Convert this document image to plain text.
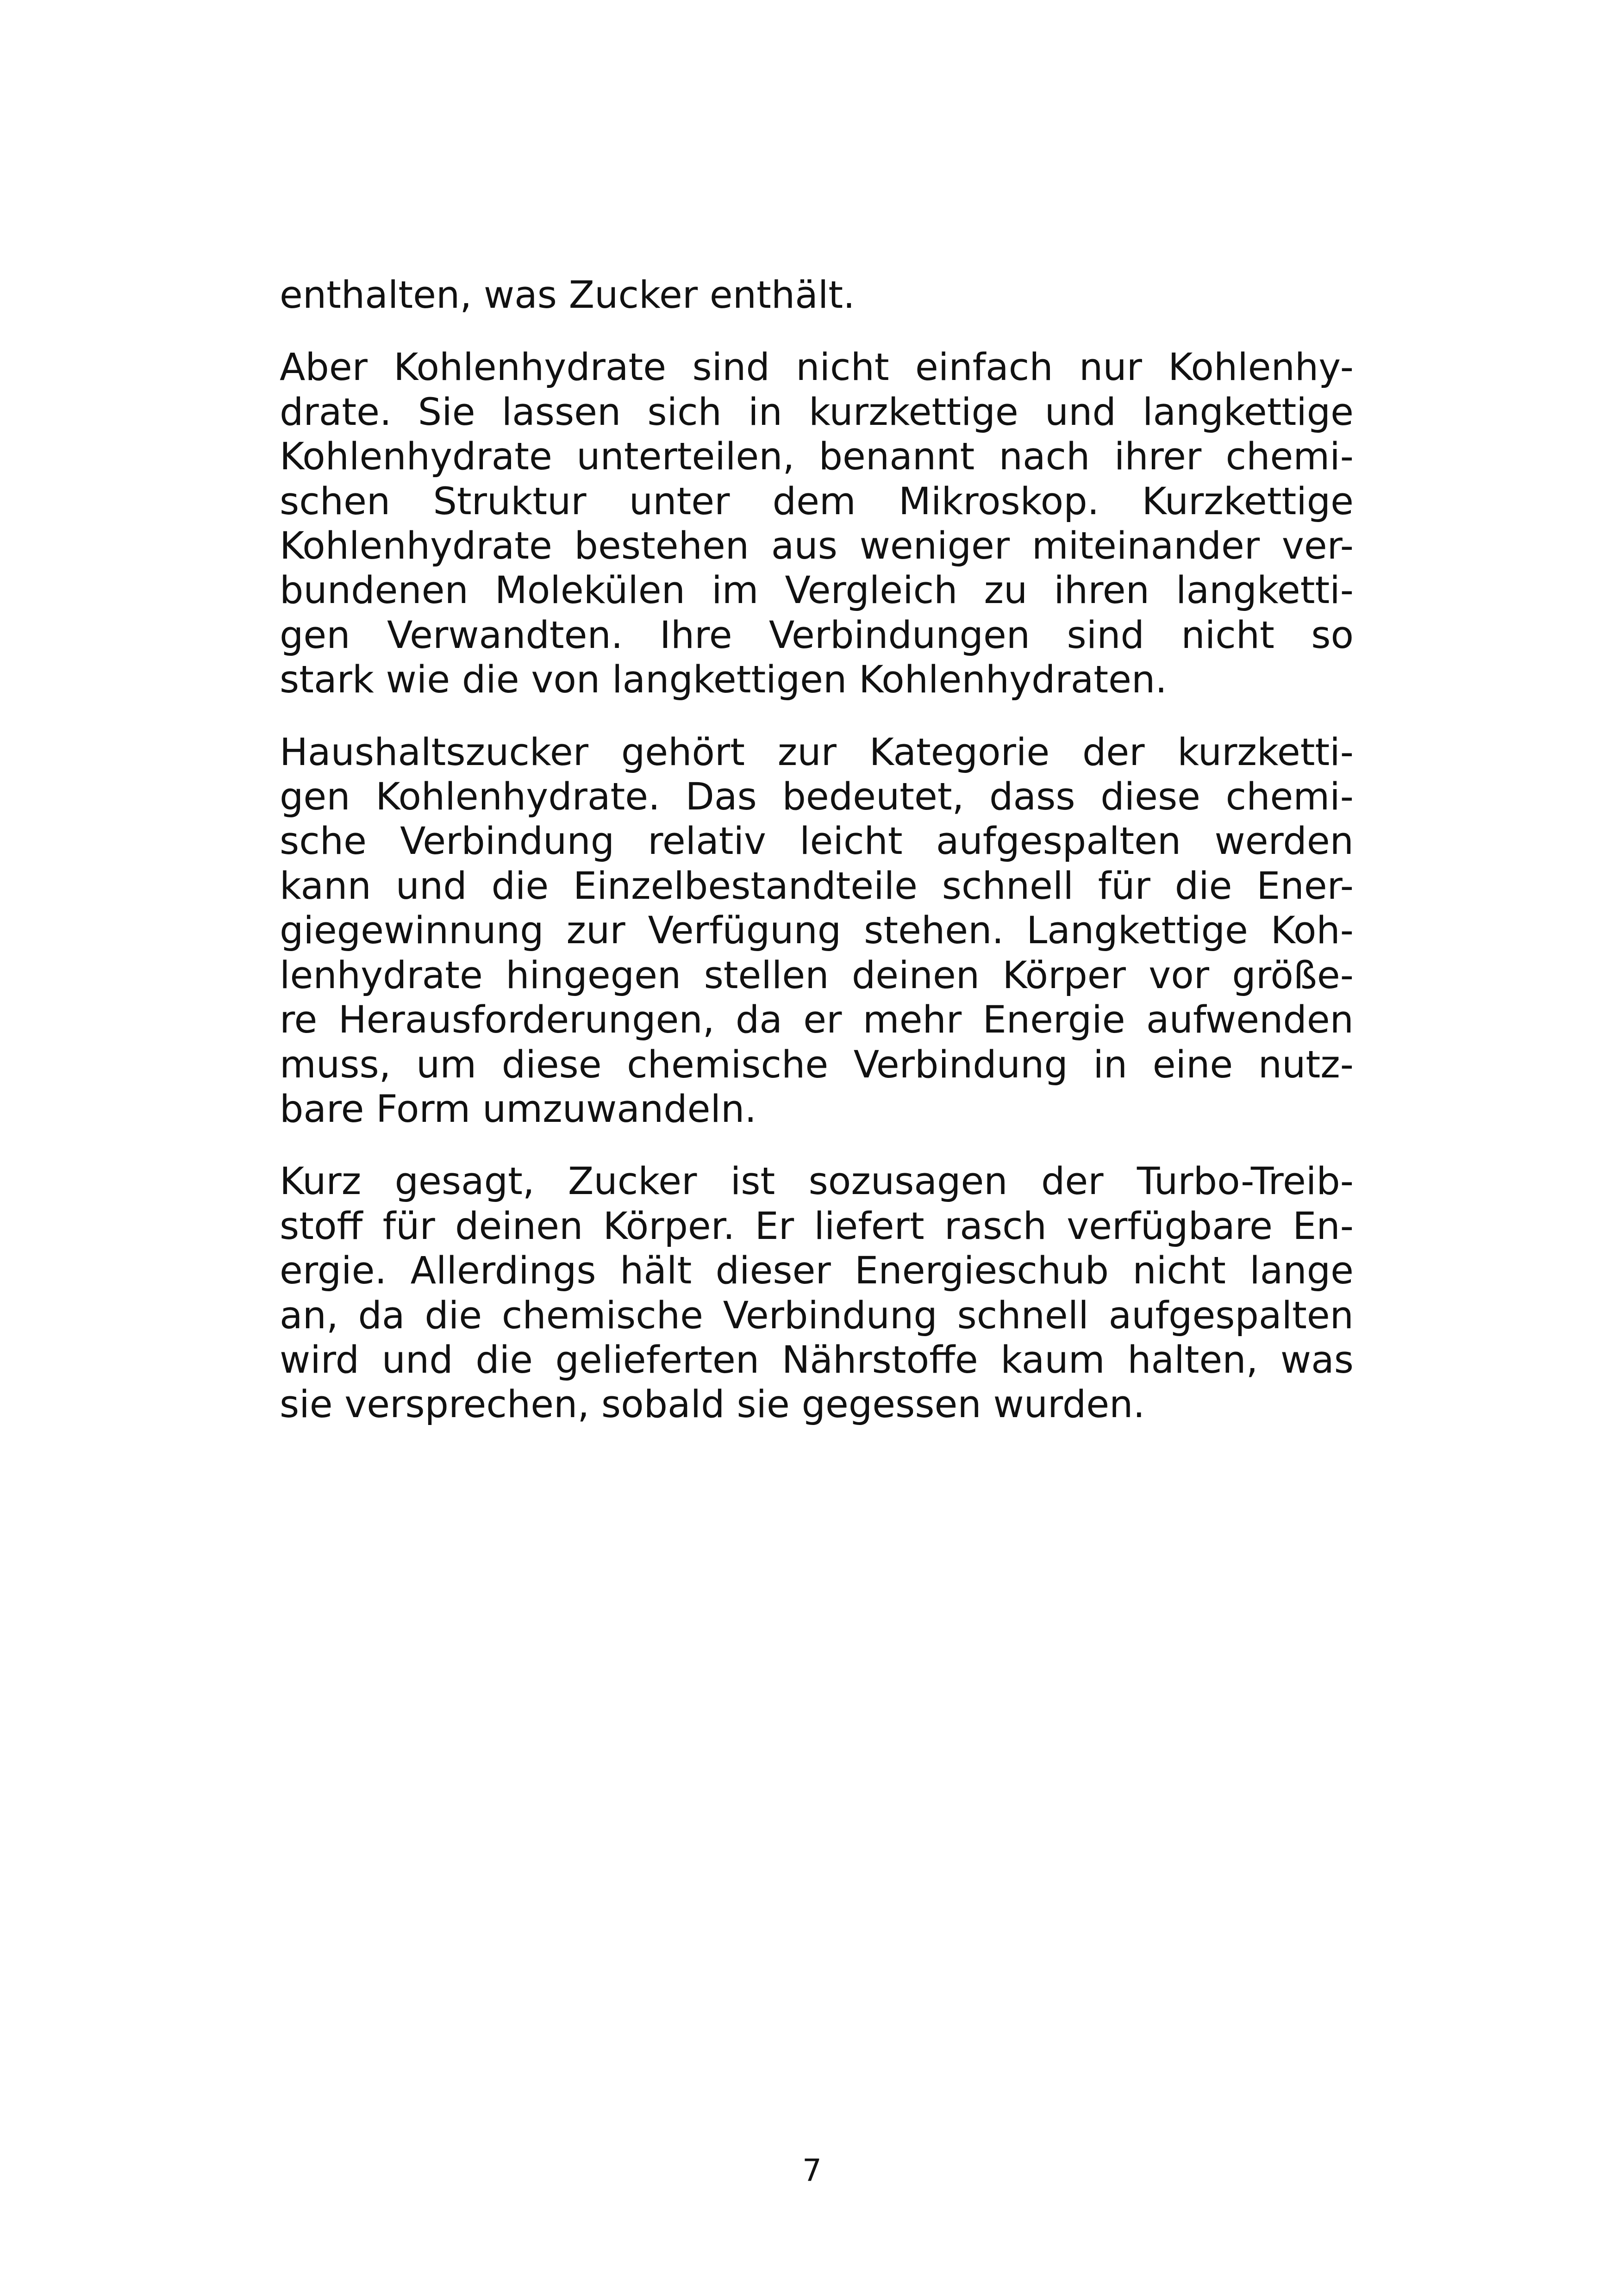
enthalten, was Zucker enthält.

Aber Kohlenhydrate sind nicht einfach nur Kohlenhy-
drate. Sie lassen sich in kurzkettige und langkettige
Kohlenhydrate unterteilen, benannt nach ihrer chemi-
schen Struktur unter dem Mikroskop. Kurzkettige
Kohlenhydrate bestehen aus weniger miteinander ver-
bundenen Molekülen im Vergleich zu ihren langketti-
gen Verwandten. Ihre Verbindungen sind nicht so
stark wie die von langkettigen Kohlenhydraten.

Haushaltszucker gehört zur Kategorie der kurzketti-
gen Kohlenhydrate. Das bedeutet, dass diese chemi-
sche Verbindung relativ leicht aufgespalten werden
kann und die Einzelbestandteile schnell für die Ener-
giegewinnung zur Verfügung stehen. Langkettige Koh-
lenhydrate hingegen stellen deinen Körper vor größe-
re Herausforderungen, da er mehr Energie aufwenden
muss, um diese chemische Verbindung in eine nutz-
bare Form umzuwandeln.

Kurz gesagt, Zucker ist sozusagen der Turbo-Treib-
stoff für deinen Körper. Er liefert rasch verfügbare En-
ergie. Allerdings hält dieser Energieschub nicht lange
an, da die chemische Verbindung schnell aufgespalten
wird und die gelieferten Nährstoffe kaum halten, was
sie versprechen, sobald sie gegessen wurden.

7
